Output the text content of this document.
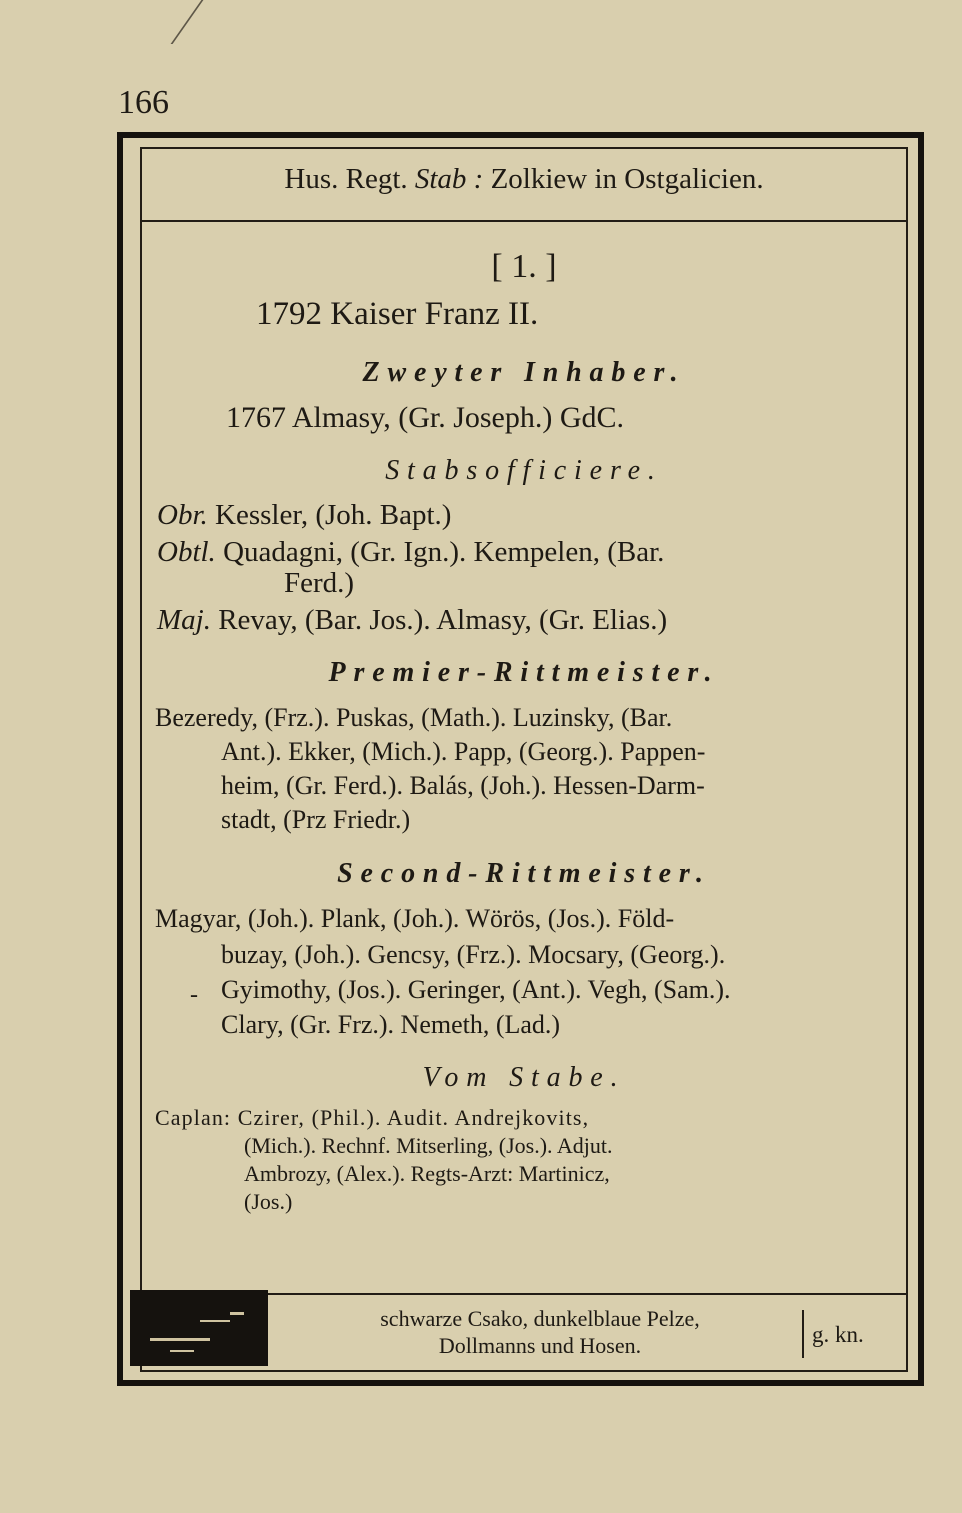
166
Hus. Regt. Stab : Zolkiew in Ostgalicien.
[ 1. ]
1792 Kaiser Franz II.
Zweyter Inhaber.
1767 Almasy, (Gr. Joseph.) GdC.
Stabsofficiere.
Obr. Kessler, (Joh. Bapt.)
Obtl. Quadagni, (Gr. Ign.). Kempelen, (Bar.
Ferd.)
Maj. Revay, (Bar. Jos.). Almasy, (Gr. Elias.)
Premier-Rittmeister.
Bezeredy, (Frz.). Puskas, (Math.). Luzinsky, (Bar.
Ant.). Ekker, (Mich.). Papp, (Georg.). Pappen-
heim, (Gr. Ferd.). Balás, (Joh.). Hessen-Darm-
stadt, (Prz Friedr.)
Second-Rittmeister.
Magyar, (Joh.). Plank, (Joh.). Wörös, (Jos.). Föld-
buzay, (Joh.). Gencsy, (Frz.). Mocsary, (Georg.).
- Gyimothy, (Jos.). Geringer, (Ant.). Vegh, (Sam.).
Clary, (Gr. Frz.). Nemeth, (Lad.)
Vom Stabe.
Caplan: Czirer, (Phil.). Audit. Andrejkovits,
(Mich.). Rechnf. Mitserling, (Jos.). Adjut.
Ambrozy, (Alex.). Regts-Arzt: Martinicz,
(Jos.)
schwarze Csako, dunkelblaue Pelze,
Dollmanns und Hosen.	g. kn.
